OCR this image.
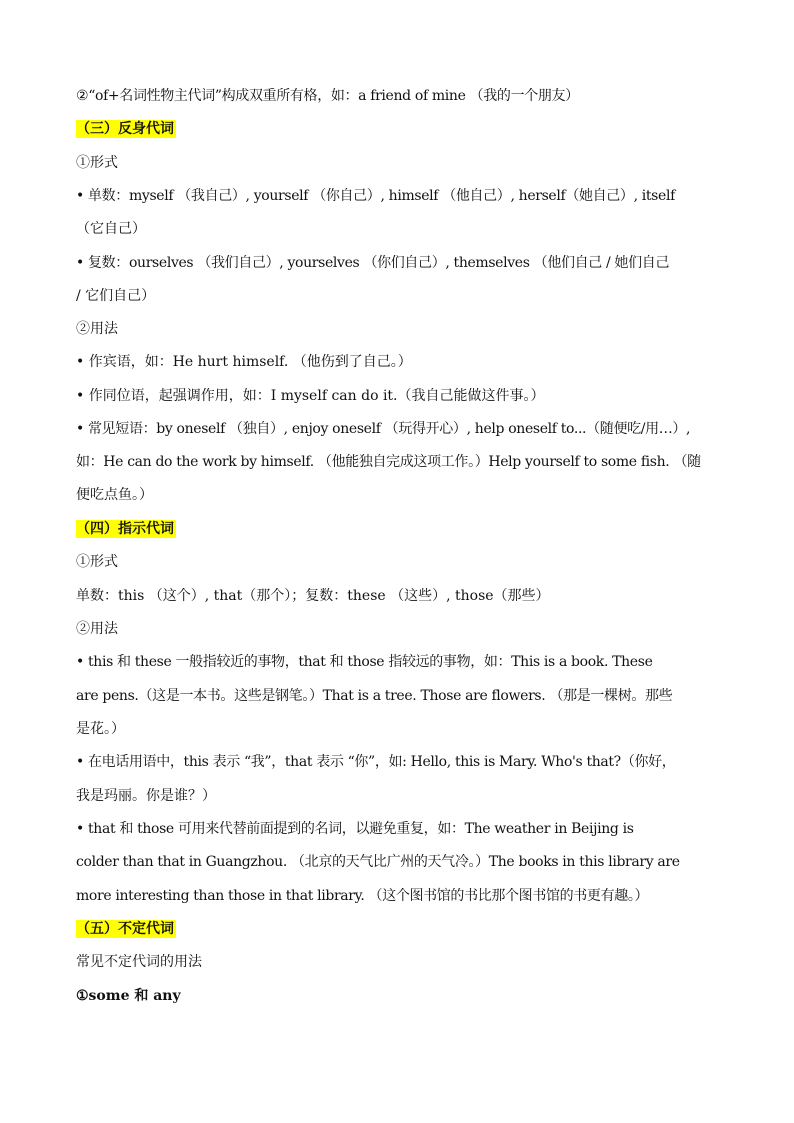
②“of+名词性物主代词”构成双重所有格，如：a friend of mine （我的一个朋友）
（三）反身代词
①形式
• 单数：myself （我自己）, yourself （你自己）, himself （他自己）, herself（她自己）, itself
（它自己）
• 复数：ourselves （我们自己）, yourselves （你们自己）, themselves （他们自己 / 她们自己
/ 它们自己）
②用法
• 作宾语，如：He hurt himself. （他伤到了自己。）
• 作同位语，起强调作用，如：I myself can do it.（我自己能做这件事。）
• 常见短语：by oneself （独自）, enjoy oneself （玩得开心）, help oneself to...（随便吃/用…）,
如：He can do the work by himself. （他能独自完成这项工作。）Help yourself to some fish. （随
便吃点鱼。）
（四）指示代词
①形式
单数：this （这个）, that（那个）；复数：these （这些）, those（那些）
②用法
• this 和 these 一般指较近的事物，that 和 those 指较远的事物，如：This is a book. These
are pens.（这是一本书。这些是钢笔。）That is a tree. Those are flowers. （那是一棵树。那些
是花。）
• 在电话用语中，this 表示 “我”，that 表示 “你”，如: Hello, this is Mary. Who's that?（你好，
我是玛丽。你是谁？）
• that 和 those 可用来代替前面提到的名词，以避免重复，如：The weather in Beijing is
colder than that in Guangzhou. （北京的天气比广州的天气冷。）The books in this library are
more interesting than those in that library. （这个图书馆的书比那个图书馆的书更有趣。）
（五）不定代词
常见不定代词的用法
①some 和 any
